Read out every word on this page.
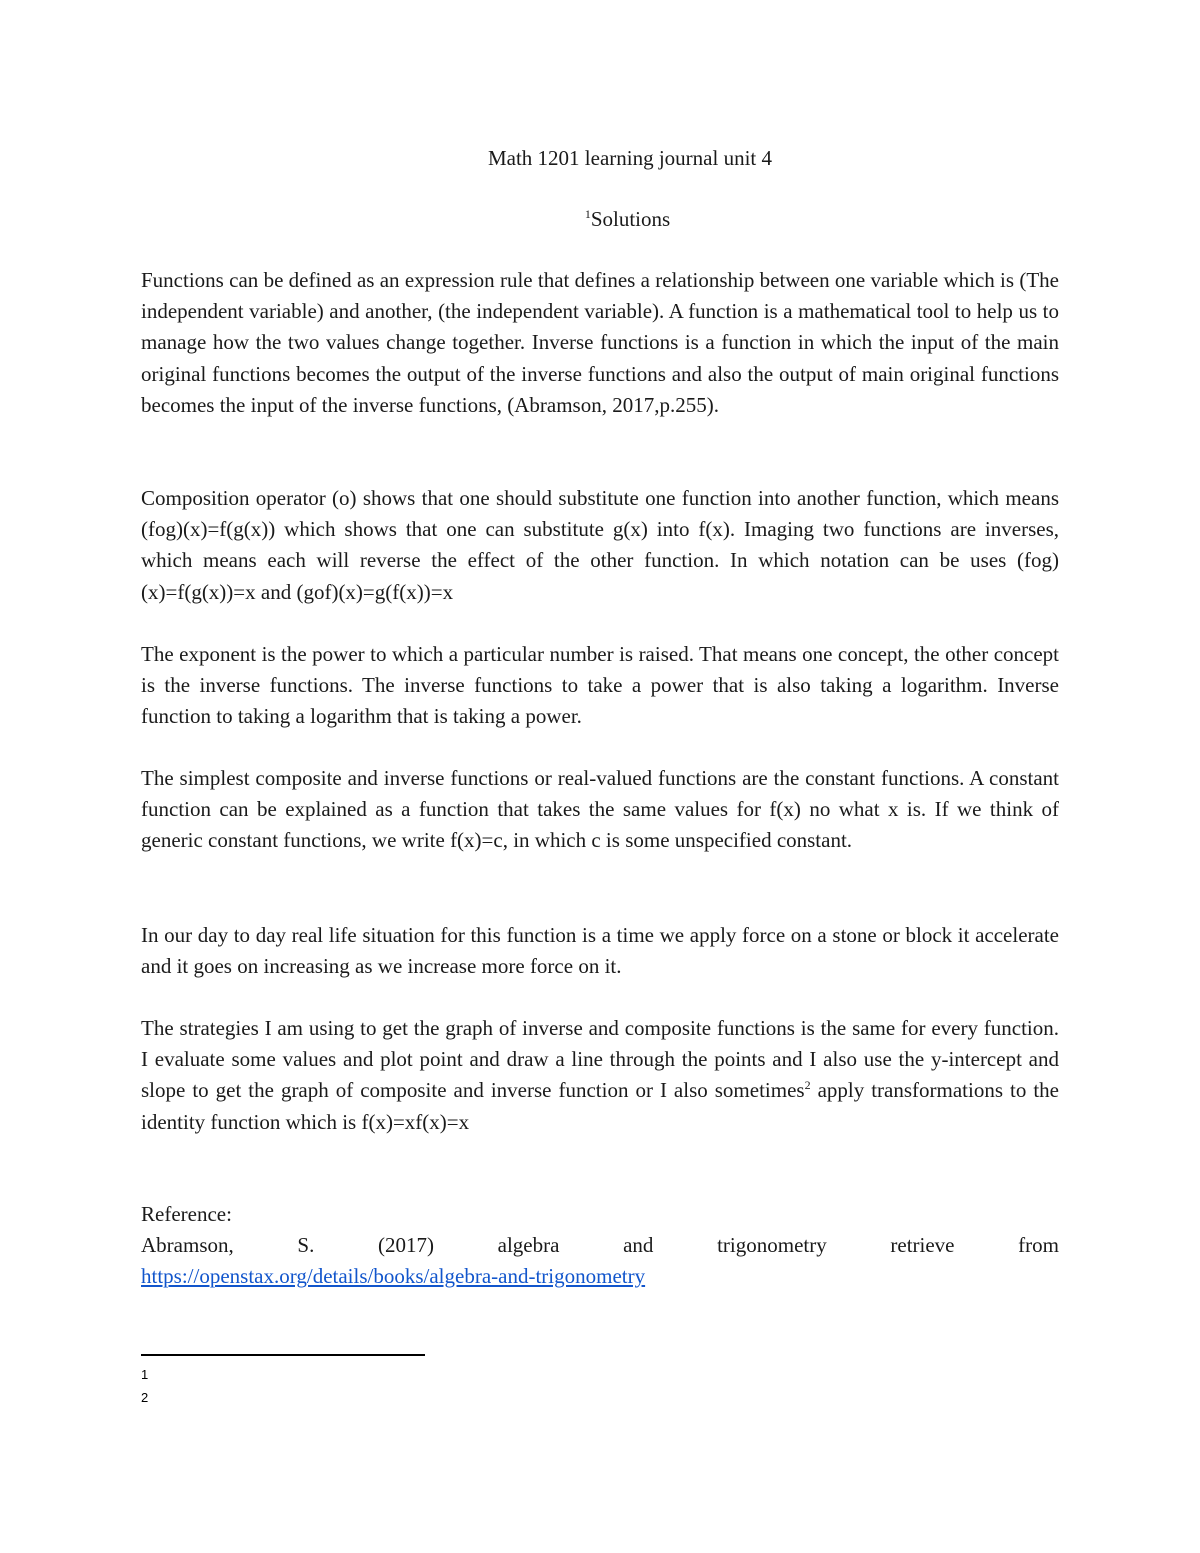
Math 1201 learning journal unit 4
$^1$Solutions

Functions can be defined as an expression rule that defines a relationship between one variable which is (The independent variable) and another, (the independent variable). A function is a mathematical tool to help us to manage how the two values change together. Inverse functions is a function in which the input of the main original functions becomes the output of the inverse functions and also the output of main original functions becomes the input of the inverse functions, (Abramson, 2017,p.255).

Composition operator (o) shows that one should substitute one function into another function, which means (fog)(x)=f(g(x)) which shows that one can substitute g(x) into f(x). Imaging two functions are inverses, which means each will reverse the effect of the other function. In which notation can be uses (fog)(x)=f(g(x))=x and (gof)(x)=g(f(x))=x

The exponent is the power to which a particular number is raised. That means one concept, the other concept is the inverse functions. The inverse functions to take a power that is also taking a logarithm. Inverse function to taking a logarithm that is taking a power.

The simplest composite and inverse functions or real-valued functions are the constant functions. A constant function can be explained as a function that takes the same values for f(x) no what x is. If we think of generic constant functions, we write f(x)=c, in which c is some unspecified constant.

In our day to day real life situation for this function is a time we apply force on a stone or block it accelerate and it goes on increasing as we increase more force on it.

The strategies I am using to get the graph of inverse and composite functions is the same for every function. I evaluate some values and plot point and draw a line through the points and I also use the y-intercept and slope to get the graph of composite and inverse function or I also sometimes$^2$ apply transformations to the identity function which is f(x)=xf(x)=x

Reference:

Abramson, S. (2017) algebra and trigonometry retrieve from

https://openstax.org/details/books/algebra-and-trigonometry
1
2
